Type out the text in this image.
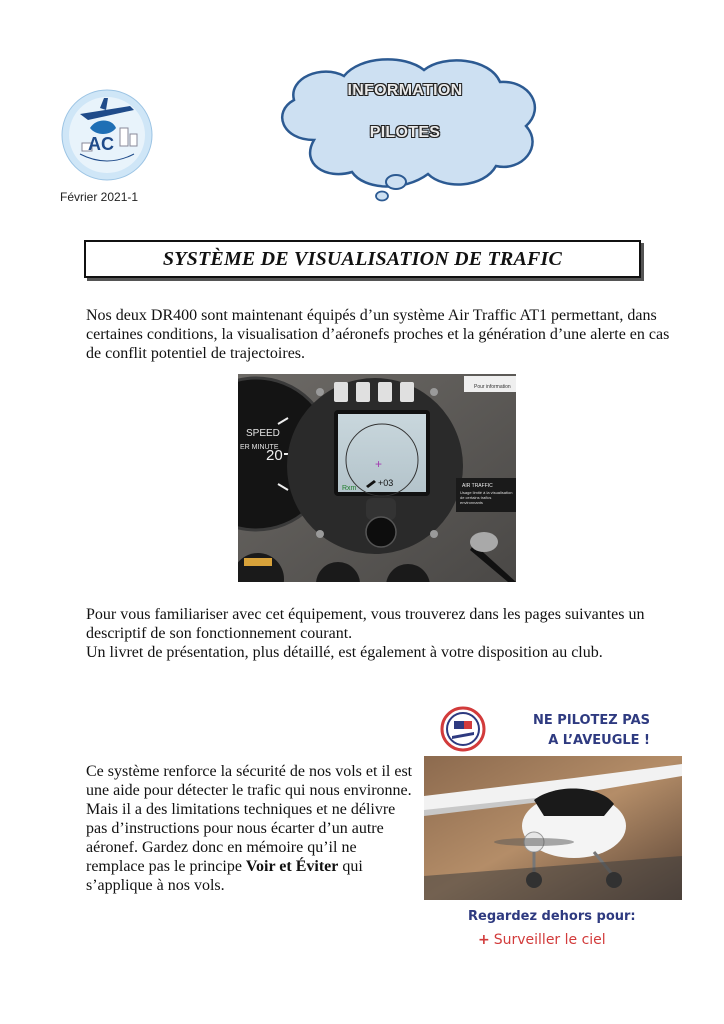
AC
Février 2021-1
INFORMATION
PILOTES
SYSTÈME DE VISUALISATION DE TRAFIC
Nos deux DR400 sont maintenant équipés d’un système Air Traffic AT1 permettant, dans certaines conditions, la visualisation d’aéronefs proches et la génération d’une alerte en cas de conflit potentiel de trajectoires.
SPEED
ER MINUTE
20	+
Rxm
+03
Pour information
AIR TRAFFIC
Usage limité à la visualisation de certains trafics environnants
Pour vous familiariser avec cet équipement, vous trouverez dans les pages suivantes un descriptif de son fonctionnement courant.
Un livret de présentation, plus détaillé, est également à votre disposition au club.
Ce système renforce la sécurité de nos vols et il est une aide pour détecter le trafic qui nous environne. Mais il a des limitations techniques et ne délivre pas d’instructions pour nous écarter d’un autre aéronef. Gardez donc en mémoire qu’il ne remplace pas le principe Voir et Éviter qui s’applique à nos vols.
NE PILOTEZ PAS
A L’AVEUGLE !
Regardez dehors pour:
+ Surveiller le ciel
